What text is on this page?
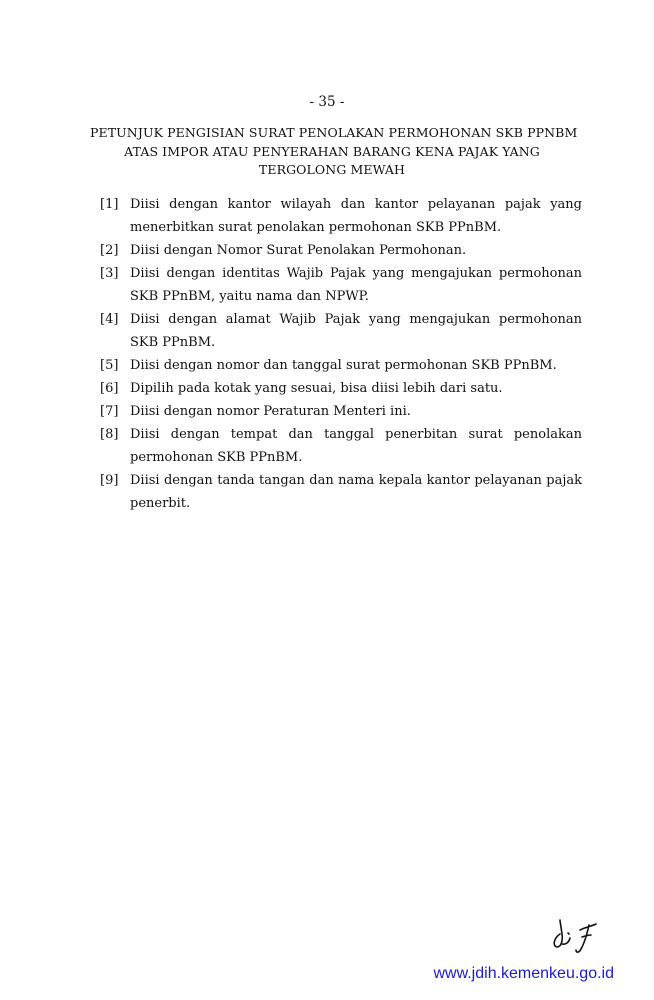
- 35 -
PETUNJUK PENGISIAN SURAT PENOLAKAN PERMOHONAN SKB PPNBM
ATAS IMPOR ATAU PENYERAHAN BARANG KENA PAJAK YANG
TERGOLONG MEWAH
[1] Diisi dengan kantor wilayah dan kantor pelayanan pajak yang menerbitkan surat penolakan permohonan SKB PPnBM.
[2] Diisi dengan Nomor Surat Penolakan Permohonan.
[3] Diisi dengan identitas Wajib Pajak yang mengajukan permohonan SKB PPnBM, yaitu nama dan NPWP.
[4] Diisi dengan alamat Wajib Pajak yang mengajukan permohonan SKB PPnBM.
[5] Diisi dengan nomor dan tanggal surat permohonan SKB PPnBM.
[6] Dipilih pada kotak yang sesuai, bisa diisi lebih dari satu.
[7] Diisi dengan nomor Peraturan Menteri ini.
[8] Diisi dengan tempat dan tanggal penerbitan surat penolakan permohonan SKB PPnBM.
[9] Diisi dengan tanda tangan dan nama kepala kantor pelayanan pajak penerbit.
www.jdih.kemenkeu.go.id
